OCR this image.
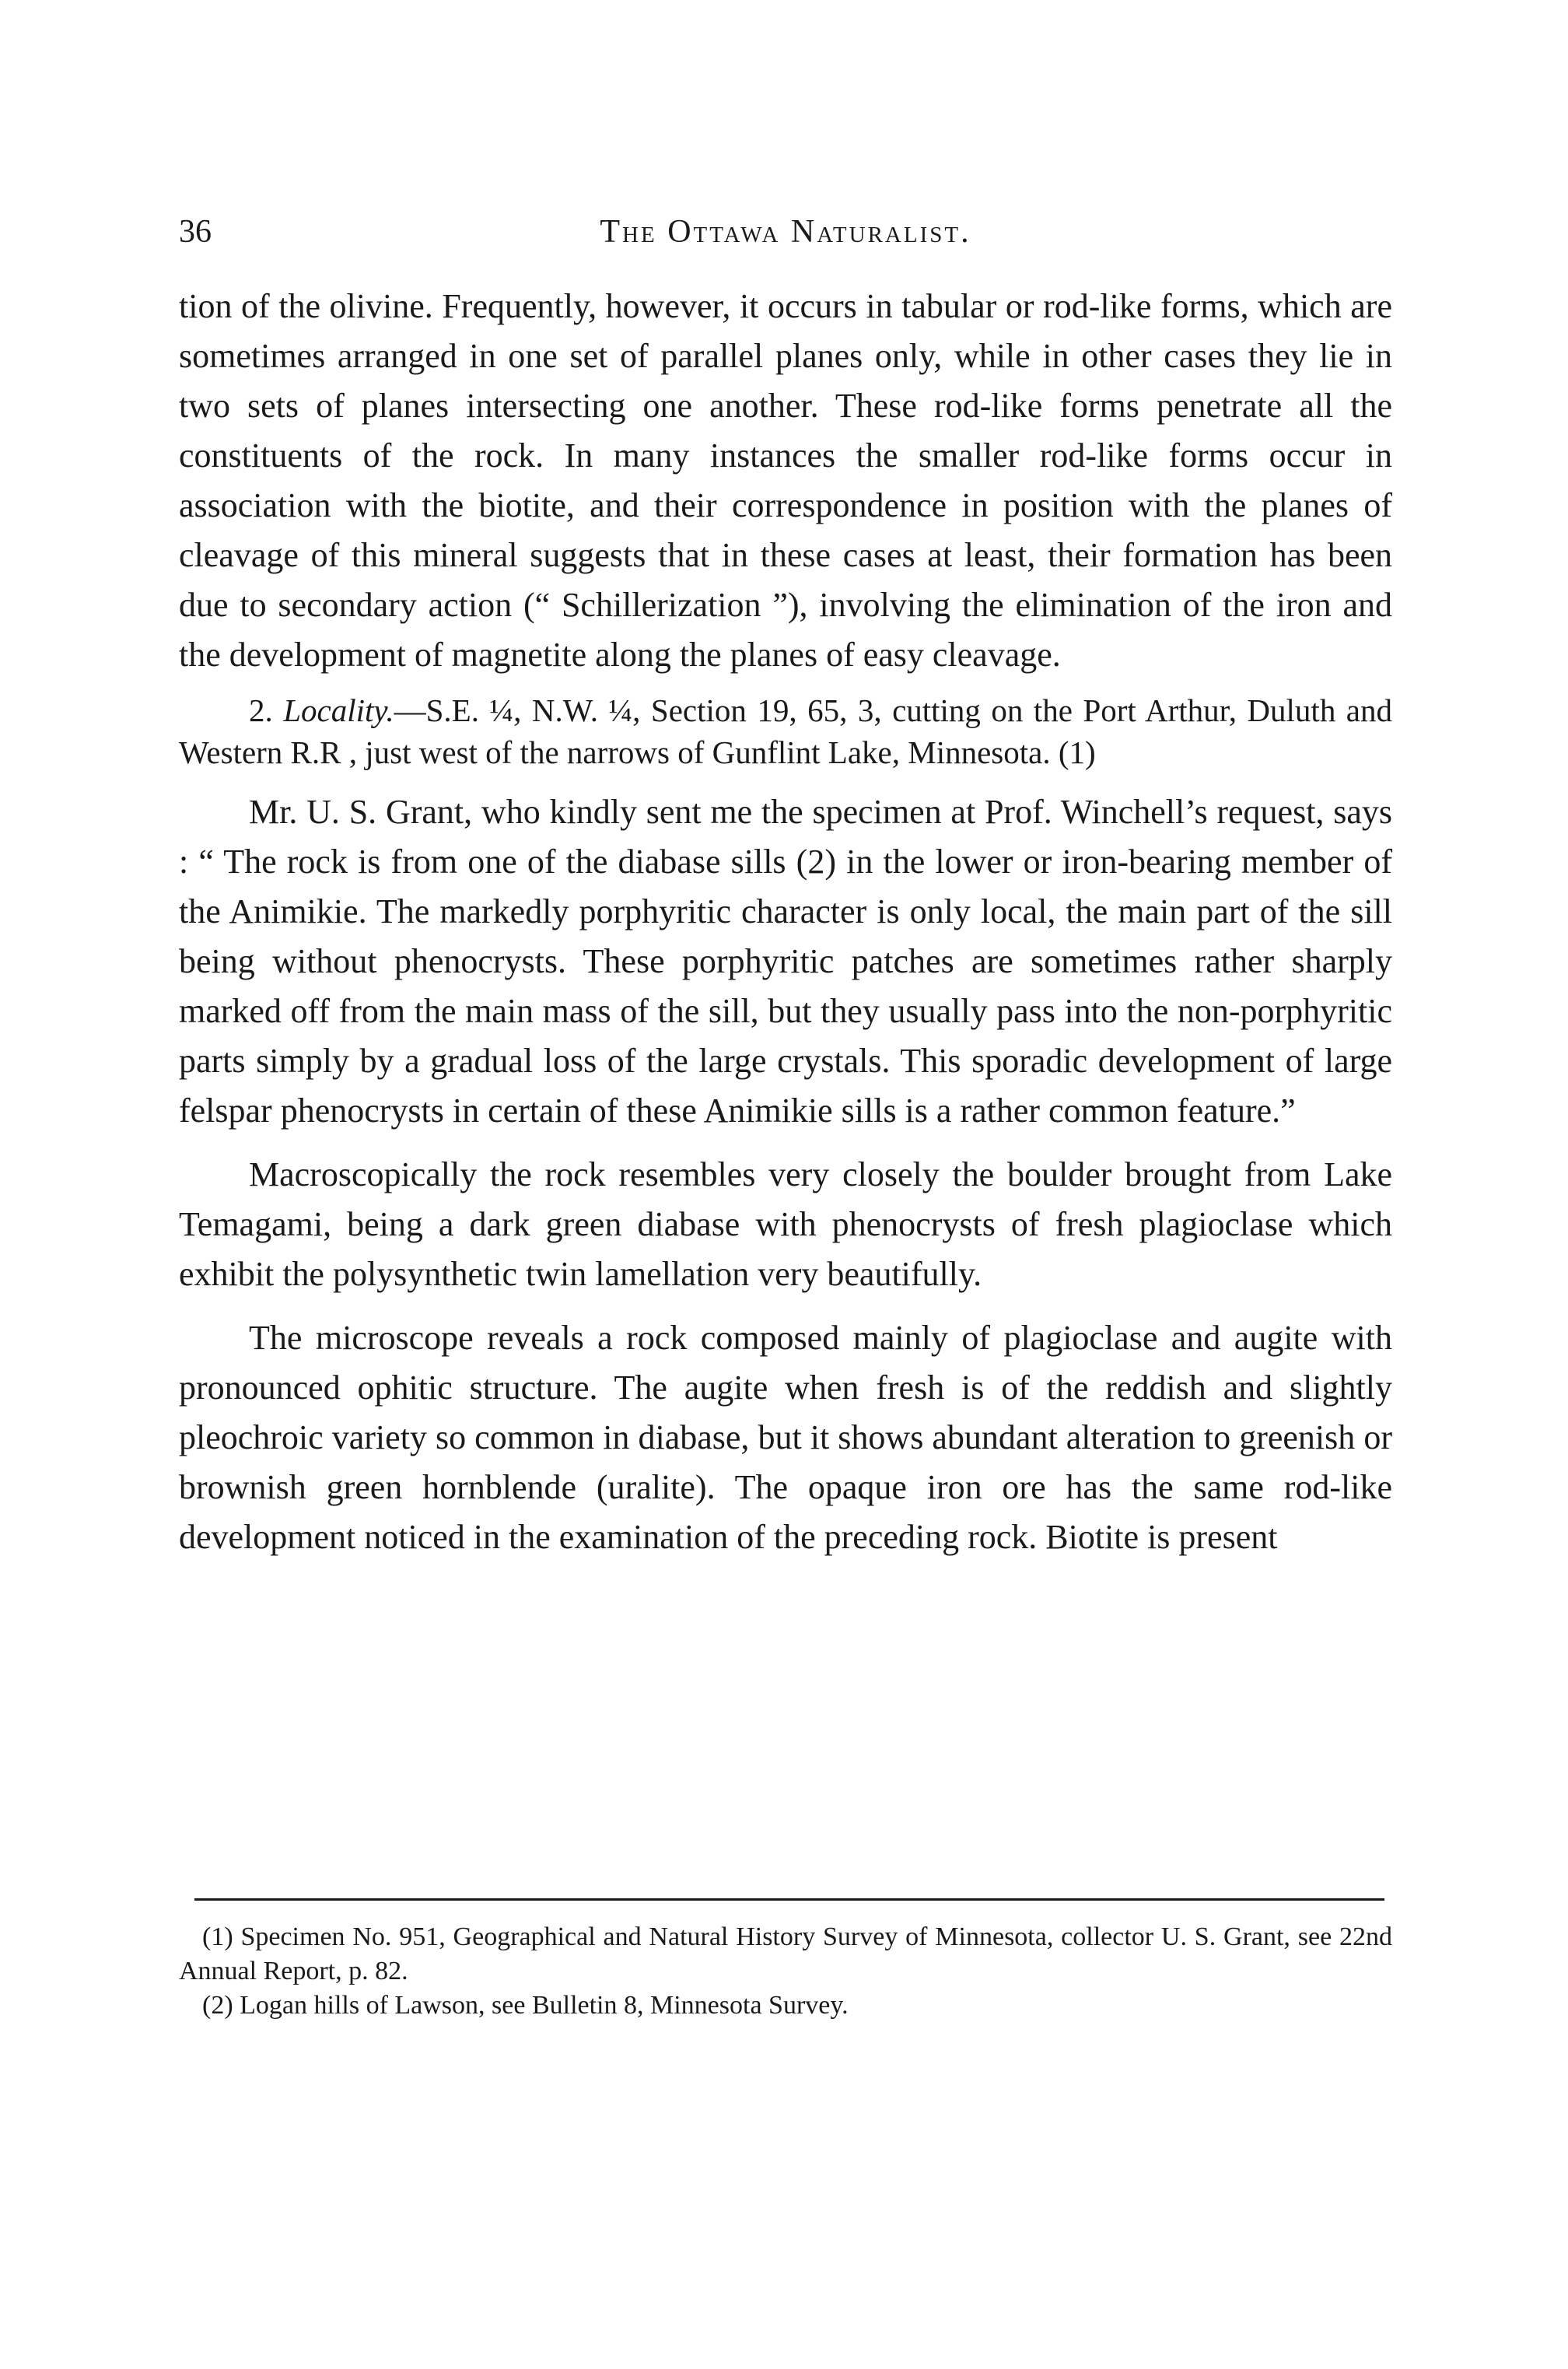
36	The Ottawa Naturalist.

tion of the olivine. Frequently, however, it occurs in tabular or rod-like forms, which are sometimes arranged in one set of parallel planes only, while in other cases they lie in two sets of planes intersecting one another. These rod-like forms penetrate all the constituents of the rock. In many instances the smaller rod-like forms occur in association with the biotite, and their correspondence in position with the planes of cleavage of this mineral suggests that in these cases at least, their formation has been due to secondary action (“ Schillerization ”), involving the elimination of the iron and the development of magnetite along the planes of easy cleavage.

2. Locality.—S.E. ¼, N.W. ¼, Section 19, 65, 3, cutting on the Port Arthur, Duluth and Western R.R , just west of the narrows of Gunflint Lake, Minnesota. (1)

Mr. U. S. Grant, who kindly sent me the specimen at Prof. Winchell’s request, says : “ The rock is from one of the diabase sills (2) in the lower or iron-bearing member of the Animikie. The markedly porphyritic character is only local, the main part of the sill being without phenocrysts. These porphyritic patches are sometimes rather sharply marked off from the main mass of the sill, but they usually pass into the non-porphyritic parts simply by a gradual loss of the large crystals. This sporadic development of large felspar phenocrysts in certain of these Animikie sills is a rather common feature.”

Macroscopically the rock resembles very closely the boulder brought from Lake Temagami, being a dark green diabase with phenocrysts of fresh plagioclase which exhibit the polysynthetic twin lamellation very beautifully.

The microscope reveals a rock composed mainly of plagioclase and augite with pronounced ophitic structure. The augite when fresh is of the reddish and slightly pleochroic variety so common in diabase, but it shows abundant alteration to greenish or brownish green hornblende (uralite). The opaque iron ore has the same rod-like development noticed in the examination of the preceding rock. Biotite is present

(1) Specimen No. 951, Geographical and Natural History Survey of Minnesota, collector U. S. Grant, see 22nd Annual Report, p. 82.

(2) Logan hills of Lawson, see Bulletin 8, Minnesota Survey.
